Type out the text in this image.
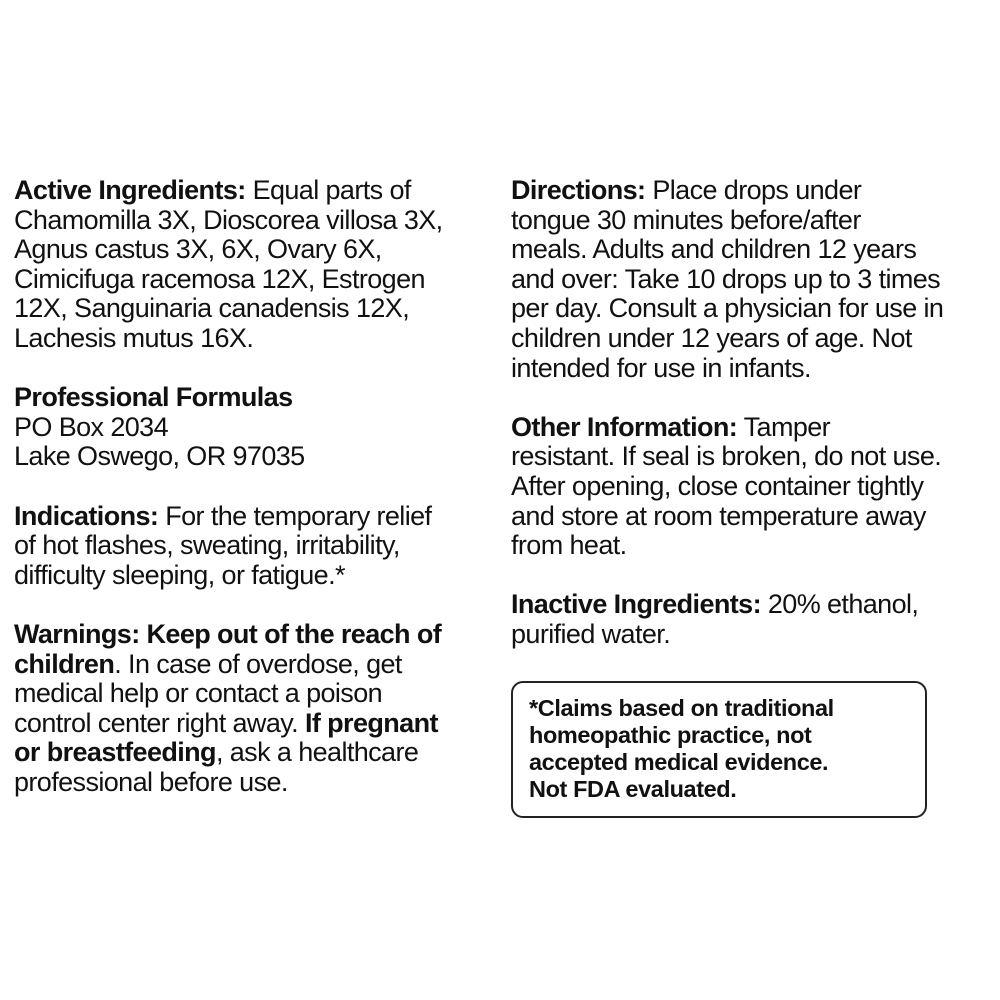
Active Ingredients: Equal parts of
Chamomilla 3X, Dioscorea villosa 3X,
Agnus castus 3X, 6X, Ovary 6X,
Cimicifuga racemosa 12X, Estrogen
12X, Sanguinaria canadensis 12X,
Lachesis mutus 16X.
Professional Formulas
PO Box 2034
Lake Oswego, OR 97035
Indications: For the temporary relief
of hot flashes, sweating, irritability,
difficulty sleeping, or fatigue.*
Warnings: Keep out of the reach of
children. In case of overdose, get
medical help or contact a poison
control center right away. If pregnant
or breastfeeding, ask a healthcare
professional before use.
Directions: Place drops under
tongue 30 minutes before/after
meals. Adults and children 12 years
and over: Take 10 drops up to 3 times
per day. Consult a physician for use in
children under 12 years of age. Not
intended for use in infants.
Other Information: Tamper
resistant. If seal is broken, do not use.
After opening, close container tightly
and store at room temperature away
from heat.
Inactive Ingredients: 20% ethanol,
purified water.
*Claims based on traditional
homeopathic practice, not
accepted medical evidence.
Not FDA evaluated.
